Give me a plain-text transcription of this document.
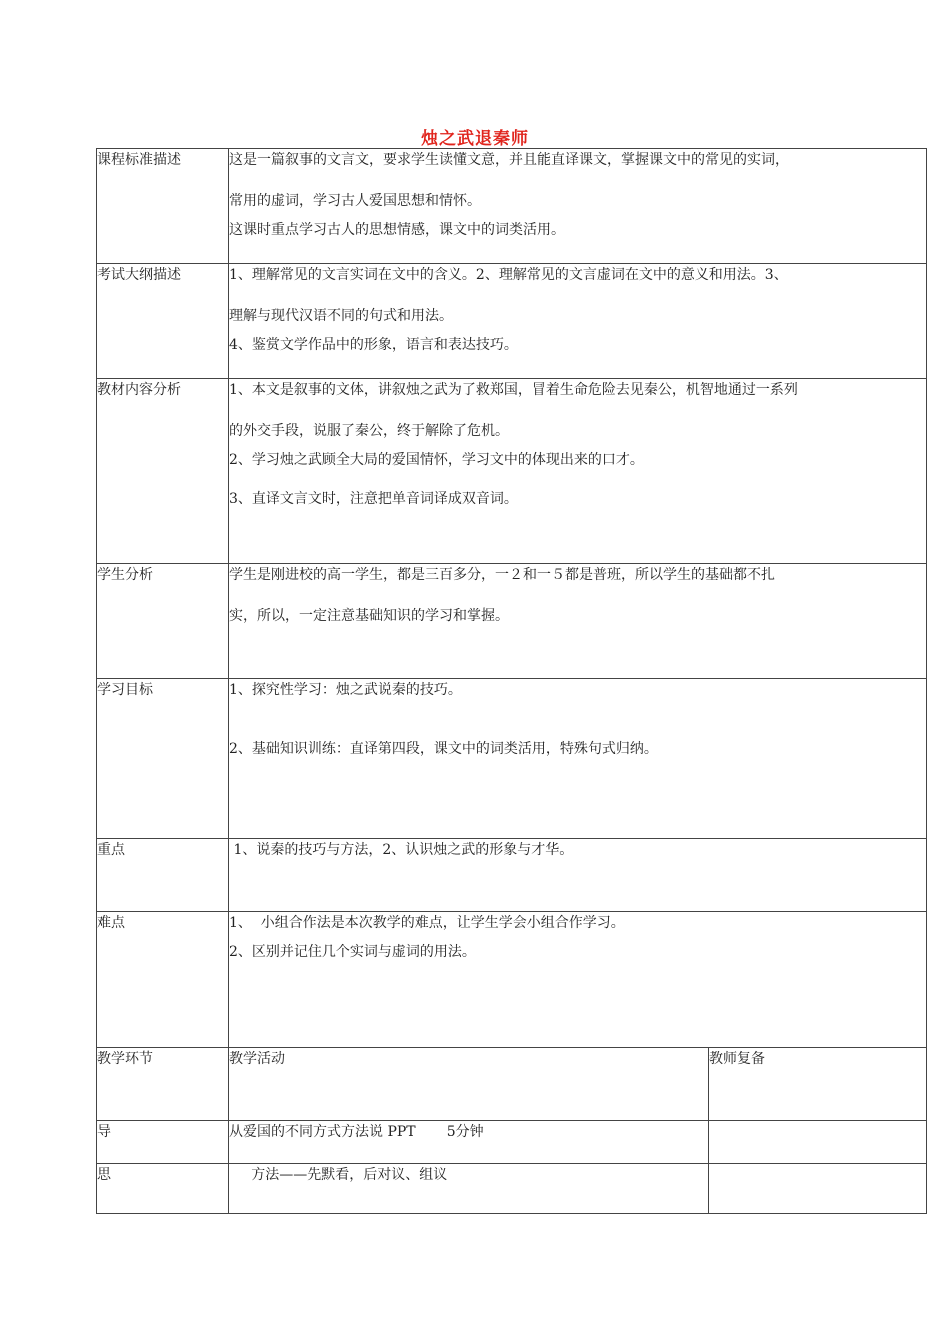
烛之武退秦师
课程标准描述	这是一篇叙事的文言文，要求学生读懂文意，并且能直译课文，掌握课文中的常见的实词，
常用的虚词，学习古人爱国思想和情怀。
这课时重点学习古人的思想情感，课文中的词类活用。	

考试大纲描述	1、理解常见的文言实词在文中的含义。2、理解常见的文言虚词在文中的意义和用法。3、
理解与现代汉语不同的句式和用法。
4、鉴赏文学作品中的形象，语言和表达技巧。	

教材内容分析	1、本文是叙事的文体，讲叙烛之武为了救郑国，冒着生命危险去见秦公，机智地通过一系列
的外交手段，说服了秦公，终于解除了危机。
2、学习烛之武顾全大局的爱国情怀，学习文中的体现出来的口才。
3、直译文言文时，注意把单音词译成双音词。	

学生分析	学生是刚进校的高一学生，都是三百多分，一２和一５都是普班，所以学生的基础都不扎
实，所以，一定注意基础知识的学习和掌握。	

学习目标	1、探究性学习：烛之武说秦的技巧。
2、基础知识训练：直译第四段，课文中的词类活用，特殊句式归纳。	

重点	1、说秦的技巧与方法，2、认识烛之武的形象与才华。	

难点	1、  小组合作法是本次教学的难点，让学生学会小组合作学习。
2、区别并记住几个实词与虚词的用法。	

教学环节	教学活动	教师复备
导	从爱国的不同方式方法说 PPT       5分钟	
思	方法——先默看，后对议、组议	
